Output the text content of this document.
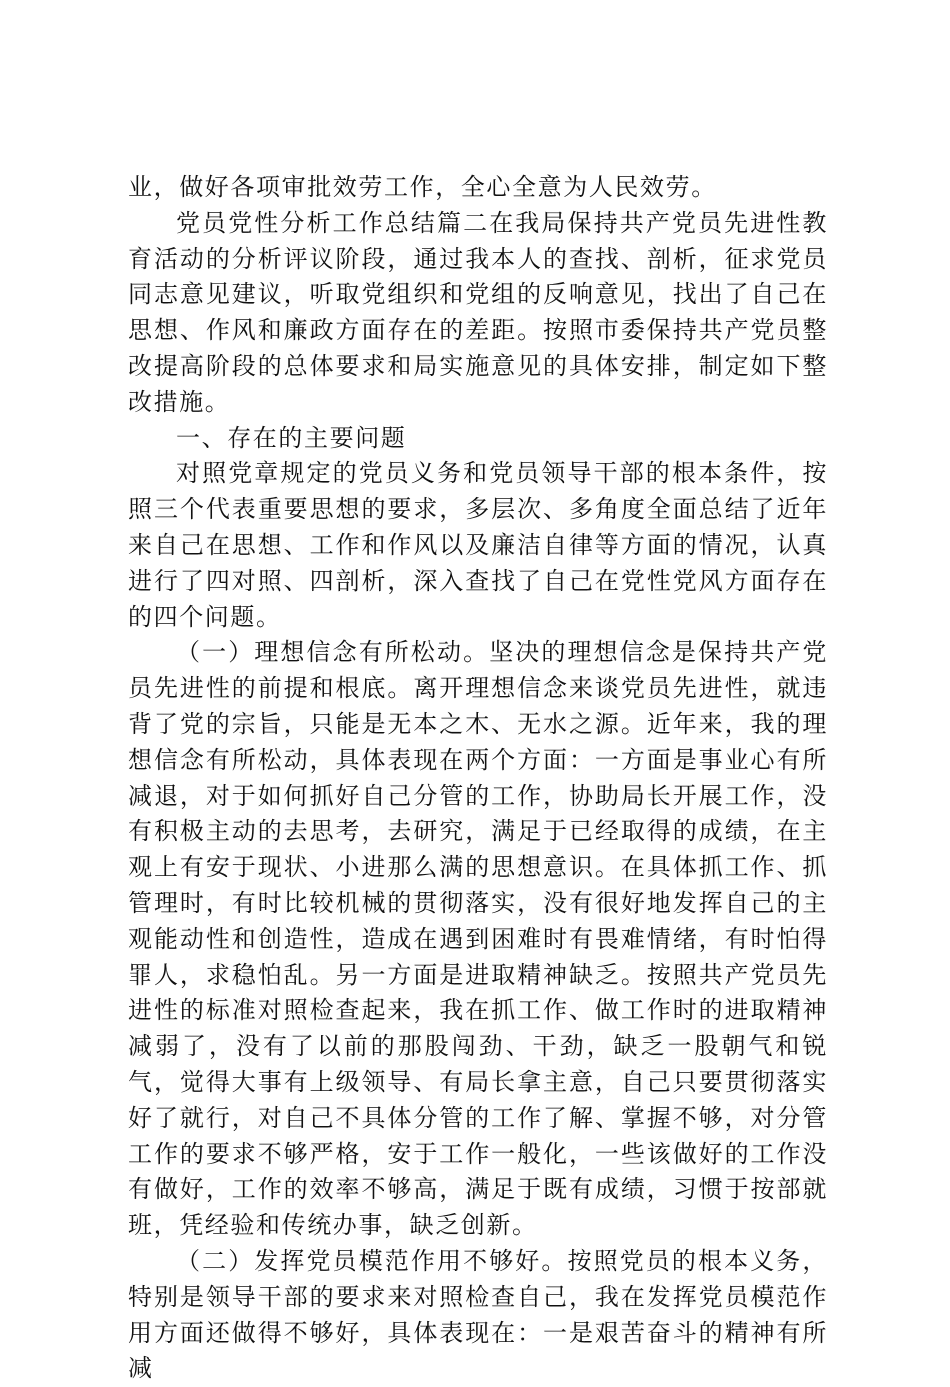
业，做好各项审批效劳工作，全心全意为人民效劳。

党员党性分析工作总结篇二在我局保持共产党员先进性教育活动的分析评议阶段，通过我本人的查找、剖析，征求党员同志意见建议，听取党组织和党组的反响意见，找出了自己在思想、作风和廉政方面存在的差距。按照市委保持共产党员整改提高阶段的总体要求和局实施意见的具体安排，制定如下整改措施。

一、存在的主要问题

对照党章规定的党员义务和党员领导干部的根本条件，按照三个代表重要思想的要求，多层次、多角度全面总结了近年来自己在思想、工作和作风以及廉洁自律等方面的情况，认真进行了四对照、四剖析，深入查找了自己在党性党风方面存在的四个问题。

（一）理想信念有所松动。坚决的理想信念是保持共产党员先进性的前提和根底。离开理想信念来谈党员先进性，就违背了党的宗旨，只能是无本之木、无水之源。近年来，我的理想信念有所松动，具体表现在两个方面：一方面是事业心有所减退，对于如何抓好自己分管的工作，协助局长开展工作，没有积极主动的去思考，去研究，满足于已经取得的成绩，在主观上有安于现状、小进那么满的思想意识。在具体抓工作、抓管理时，有时比较机械的贯彻落实，没有很好地发挥自己的主观能动性和创造性，造成在遇到困难时有畏难情绪，有时怕得罪人，求稳怕乱。另一方面是进取精神缺乏。按照共产党员先进性的标准对照检查起来，我在抓工作、做工作时的进取精神减弱了，没有了以前的那股闯劲、干劲，缺乏一股朝气和锐气，觉得大事有上级领导、有局长拿主意，自己只要贯彻落实好了就行，对自己不具体分管的工作了解、掌握不够，对分管工作的要求不够严格，安于工作一般化，一些该做好的工作没有做好，工作的效率不够高，满足于既有成绩，习惯于按部就班，凭经验和传统办事，缺乏创新。

（二）发挥党员模范作用不够好。按照党员的根本义务，特别是领导干部的要求来对照检查自己，我在发挥党员模范作用方面还做得不够好，具体表现在：一是艰苦奋斗的精神有所减
